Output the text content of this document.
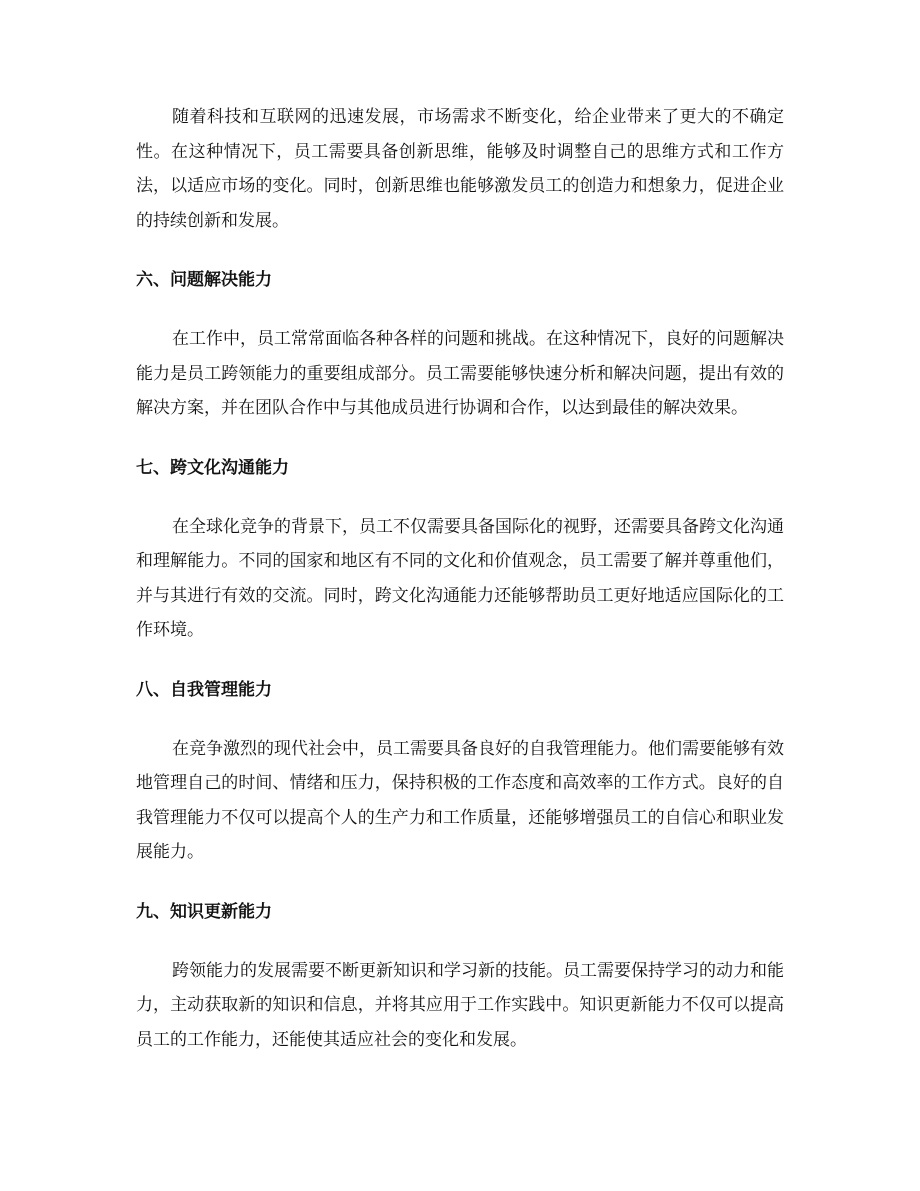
随着科技和互联网的迅速发展，市场需求不断变化，给企业带来了更大的不确定性。在这种情况下，员工需要具备创新思维，能够及时调整自己的思维方式和工作方法，以适应市场的变化。同时，创新思维也能够激发员工的创造力和想象力，促进企业的持续创新和发展。

六、问题解决能力

在工作中，员工常常面临各种各样的问题和挑战。在这种情况下，良好的问题解决能力是员工跨领能力的重要组成部分。员工需要能够快速分析和解决问题，提出有效的解决方案，并在团队合作中与其他成员进行协调和合作，以达到最佳的解决效果。

七、跨文化沟通能力

在全球化竞争的背景下，员工不仅需要具备国际化的视野，还需要具备跨文化沟通和理解能力。不同的国家和地区有不同的文化和价值观念，员工需要了解并尊重他们，并与其进行有效的交流。同时，跨文化沟通能力还能够帮助员工更好地适应国际化的工作环境。

八、自我管理能力

在竞争激烈的现代社会中，员工需要具备良好的自我管理能力。他们需要能够有效地管理自己的时间、情绪和压力，保持积极的工作态度和高效率的工作方式。良好的自我管理能力不仅可以提高个人的生产力和工作质量，还能够增强员工的自信心和职业发展能力。

九、知识更新能力

跨领能力的发展需要不断更新知识和学习新的技能。员工需要保持学习的动力和能力，主动获取新的知识和信息，并将其应用于工作实践中。知识更新能力不仅可以提高员工的工作能力，还能使其适应社会的变化和发展。
